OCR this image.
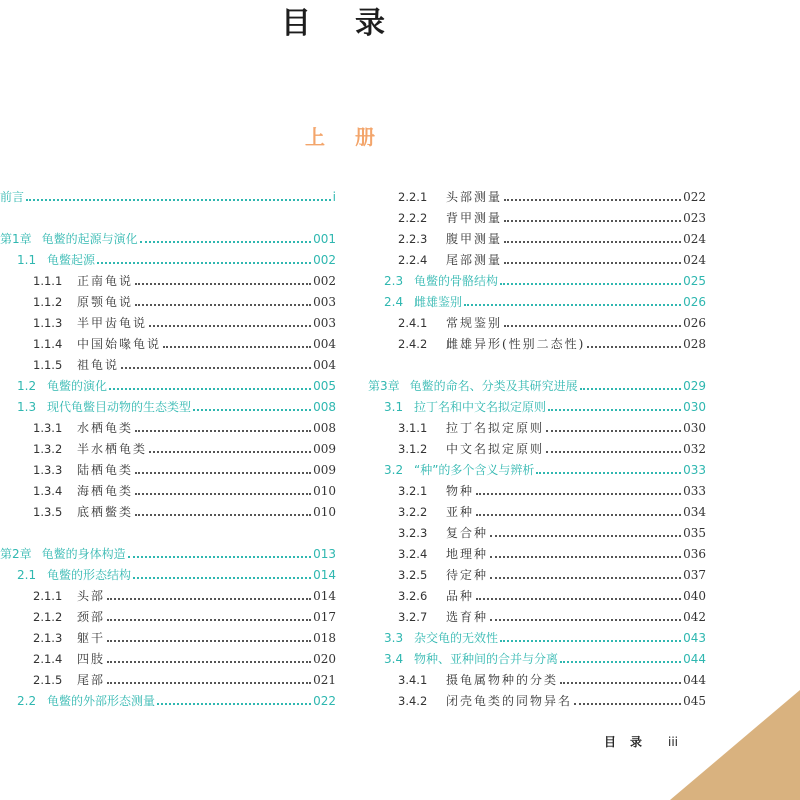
目录
上册
前言	i
第1章 龟鳖的起源与演化	001
1.1 龟鳖起源	002
1.1.1	正南龟说	002
1.1.2	原颚龟说	003
1.1.3	半甲齿龟说	003
1.1.4	中国始喙龟说	004
1.1.5	祖龟说	004
1.2 龟鳖的演化	005
1.3 现代龟鳖目动物的生态类型	008
1.3.1	水栖龟类	008
1.3.2	半水栖龟类	009
1.3.3	陆栖龟类	009
1.3.4	海栖龟类	010
1.3.5	底栖鳖类	010
第2章 龟鳖的身体构造	013
2.1 龟鳖的形态结构	014
2.1.1	头部	014
2.1.2	颈部	017
2.1.3	躯干	018
2.1.4	四肢	020
2.1.5	尾部	021
2.2 龟鳖的外部形态测量	022
2.2.1	头部测量	022
2.2.2	背甲测量	023
2.2.3	腹甲测量	024
2.2.4	尾部测量	024
2.3 龟鳖的骨骼结构	025
2.4 雌雄鉴别	026
2.4.1	常规鉴别	026
2.4.2	雌雄异形(性别二态性)	028
第3章 龟鳖的命名、分类及其研究进展	029
3.1 拉丁名和中文名拟定原则	030
3.1.1	拉丁名拟定原则	030
3.1.2	中文名拟定原则	032
3.2 “种”的多个含义与辨析	033
3.2.1	物种	033
3.2.2	亚种	034
3.2.3	复合种	035
3.2.4	地理种	036
3.2.5	待定种	037
3.2.6	品种	040
3.2.7	选育种	042
3.3 杂交龟的无效性	043
3.4 物种、亚种间的合并与分离	044
3.4.1	摄龟属物种的分类	044
3.4.2	闭壳龟类的同物异名	045
目录 iii
